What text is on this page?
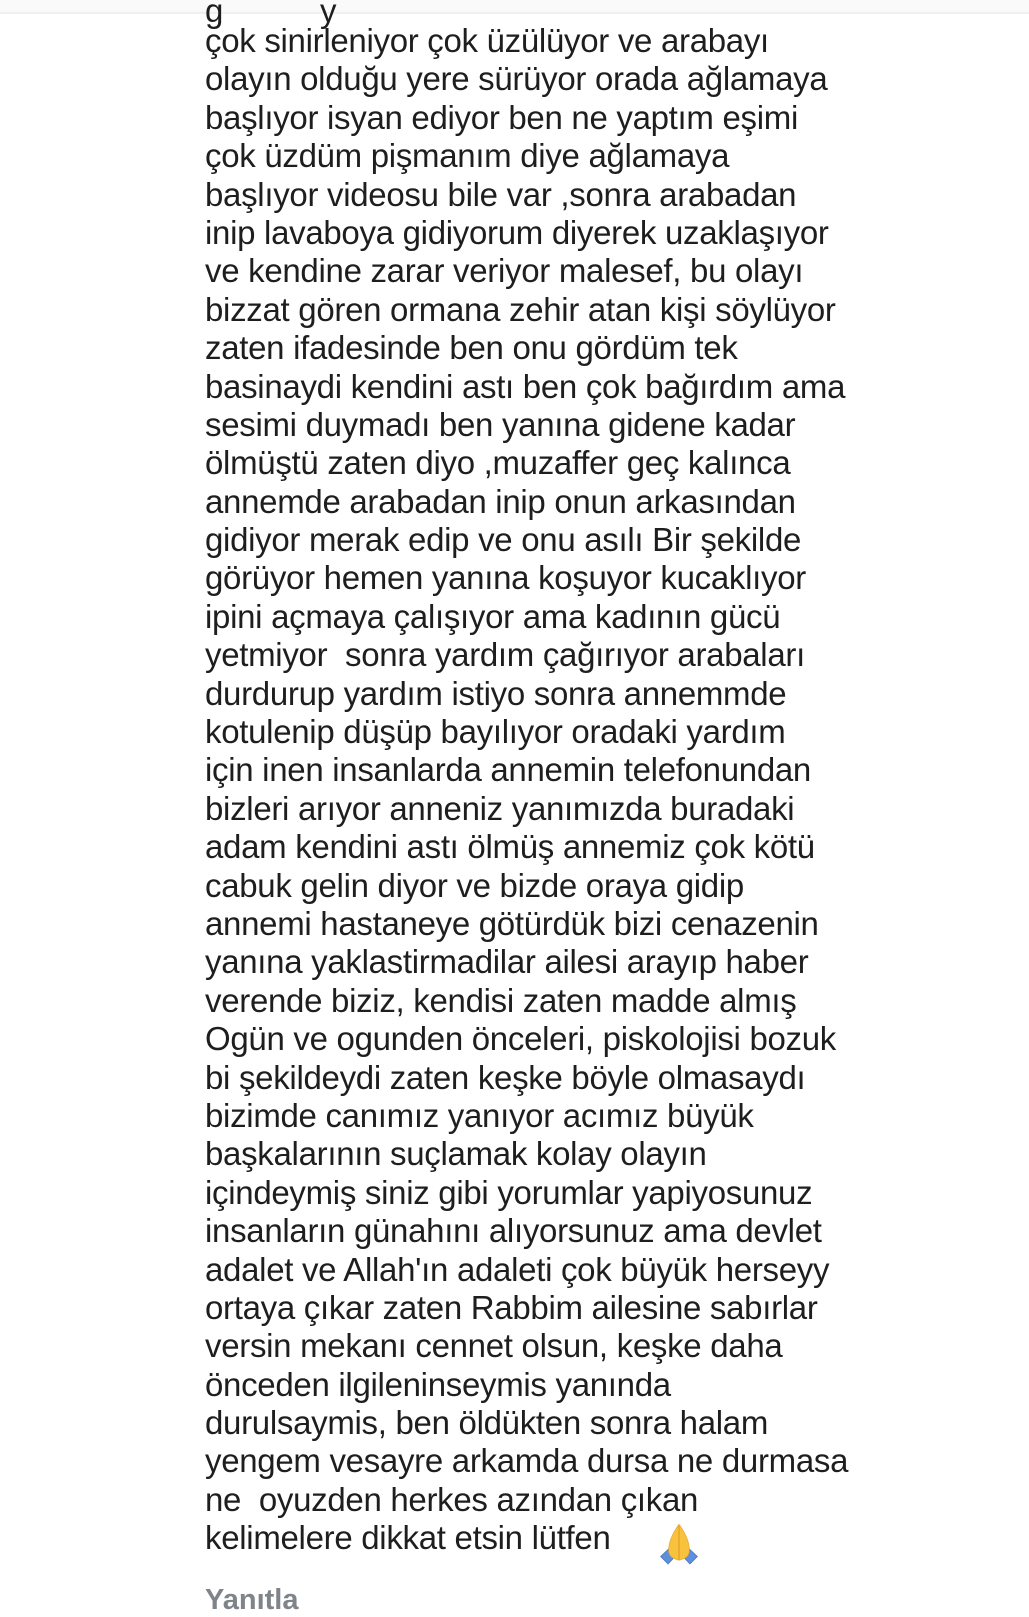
g	y
çok sinirleniyor çok üzülüyor ve arabayı
olayın olduğu yere sürüyor orada ağlamaya
başlıyor isyan ediyor ben ne yaptım eşimi
çok üzdüm pişmanım diye ağlamaya
başlıyor videosu bile var ,sonra arabadan
inip lavaboya gidiyorum diyerek uzaklaşıyor
ve kendine zarar veriyor malesef, bu olayı
bizzat gören ormana zehir atan kişi söylüyor
zaten ifadesinde ben onu gördüm tek
basinaydi kendini astı ben çok bağırdım ama
sesimi duymadı ben yanına gidene kadar
ölmüştü zaten diyo ,muzaffer geç kalınca
annemde arabadan inip onun arkasından
gidiyor merak edip ve onu asılı Bir şekilde
görüyor hemen yanına koşuyor kucaklıyor
ipini açmaya çalışıyor ama kadının gücü
yetmiyor  sonra yardım çağırıyor arabaları
durdurup yardım istiyo sonra annemmde
kotulenip düşüp bayılıyor oradaki yardım
için inen insanlarda annemin telefonundan
bizleri arıyor anneniz yanımızda buradaki
adam kendini astı ölmüş annemiz çok kötü
cabuk gelin diyor ve bizde oraya gidip
annemi hastaneye götürdük bizi cenazenin
yanına yaklastirmadilar ailesi arayıp haber
verende biziz, kendisi zaten madde almış
Ogün ve ogunden önceleri, piskolojisi bozuk
bi şekildeydi zaten keşke böyle olmasaydı
bizimde canımız yanıyor acımız büyük
başkalarının suçlamak kolay olayın
içindeymiş siniz gibi yorumlar yapiyosunuz
insanların günahını alıyorsunuz ama devlet
adalet ve Allah'ın adaleti çok büyük herseyy
ortaya çıkar zaten Rabbim ailesine sabırlar
versin mekanı cennet olsun, keşke daha
önceden ilgileninseymis yanında
durulsaymis, ben öldükten sonra halam
yengem vesayre arkamda dursa ne durmasa
ne  oyuzden herkes azından çıkan
kelimelere dikkat etsin lütfen
Yanıtla
